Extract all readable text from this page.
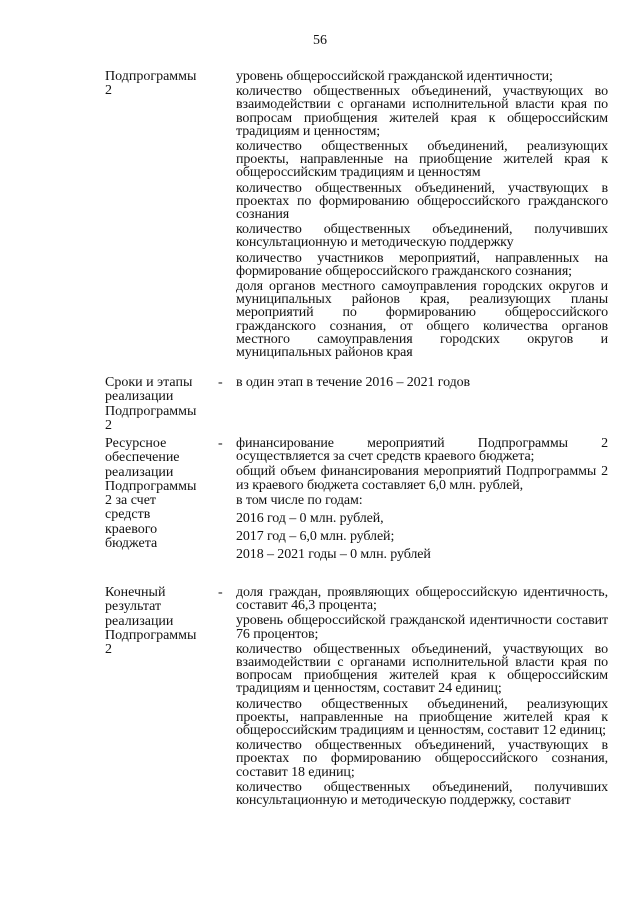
56
Подпрограммы 2

уровень общероссийской гражданской идентичности;

количество общественных объединений, участвующих во взаимодействии с органами исполнительной власти края по вопросам приобщения жителей края к общероссийским традициям и ценностям;

количество общественных объединений, реализующих проекты, направленные на приобщение жителей края к общероссийским традициям и ценностям

количество общественных объединений, участвующих в проектах по формированию общероссийского гражданского сознания

количество общественных объединений, получивших консультационную и методическую поддержку

количество участников мероприятий, направленных на формирование общероссийского гражданского сознания;

доля органов местного самоуправления городских округов и муниципальных районов края, реализующих планы мероприятий по формированию общероссийского гражданского сознания, от общего количества органов местного самоуправления городских округов и муниципальных районов края

Сроки и этапы реализации Подпрограммы 2
- в один этап в течение 2016 – 2021 годов

Ресурсное обеспечение реализации Подпрограммы 2 за счет средств краевого бюджета
- финансирование мероприятий Подпрограммы 2 осуществляется за счет средств краевого бюджета;

общий объем финансирования мероприятий Подпрограммы 2 из краевого бюджета составляет 6,0 млн. рублей,

в том числе по годам:

2016 год – 0 млн. рублей,

2017 год – 6,0 млн. рублей;

2018 – 2021 годы – 0 млн. рублей

Конечный результат реализации Подпрограммы 2
- доля граждан, проявляющих общероссийскую идентичность, составит 46,3 процента;

уровень общероссийской гражданской идентичности составит 76 процентов;

количество общественных объединений, участвующих во взаимодействии с органами исполнительной власти края по вопросам приобщения жителей края к общероссийским традициям и ценностям, составит 24 единиц;

количество общественных объединений, реализующих проекты, направленные на приобщение жителей края к общероссийским традициям и ценностям, составит 12 единиц;

количество общественных объединений, участвующих в проектах по формированию общероссийского сознания, составит 18 единиц;

количество общественных объединений, получивших консультационную и методическую поддержку, составит
